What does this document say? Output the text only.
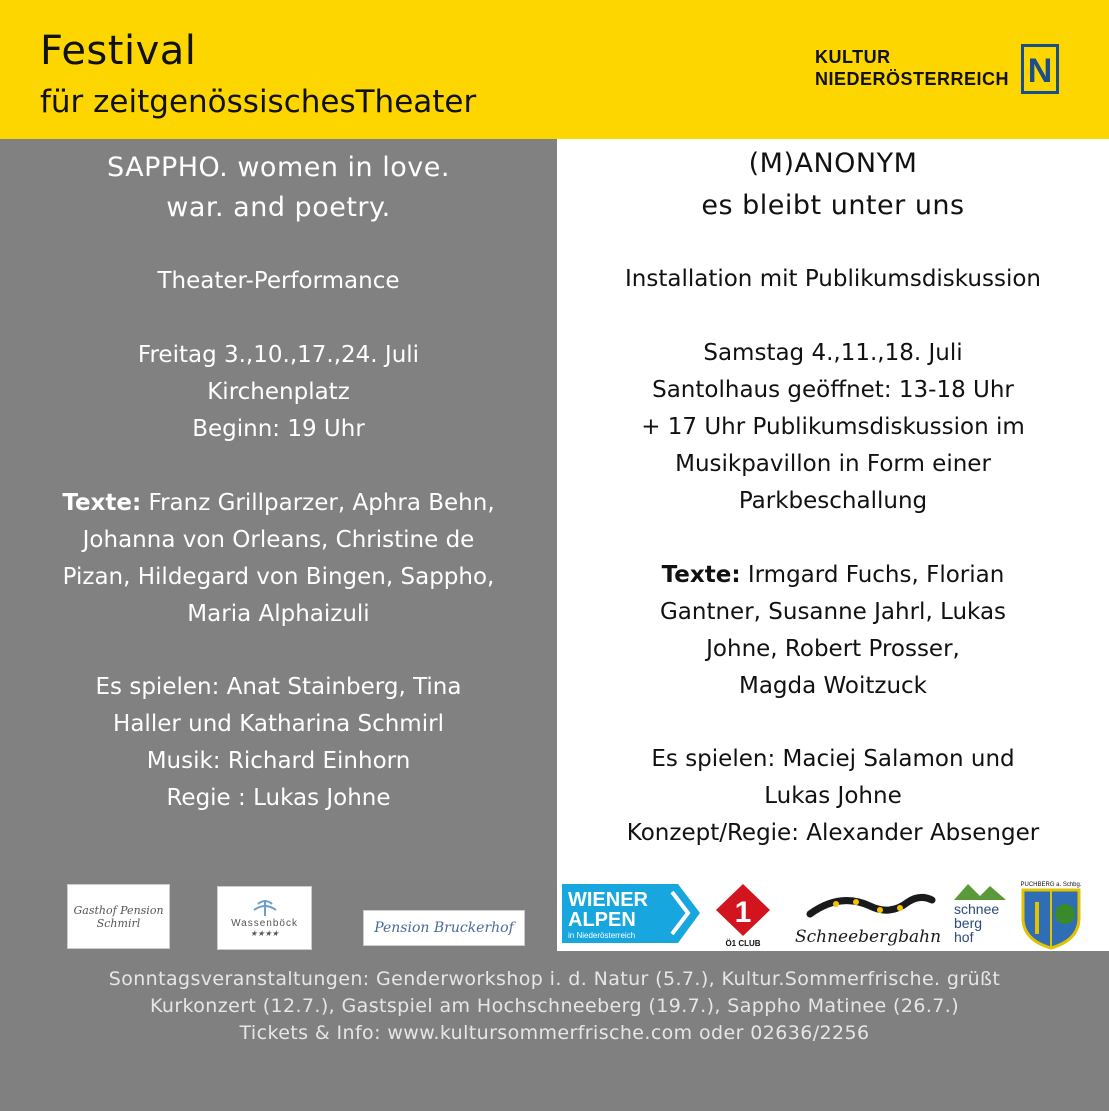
Festival
für zeitgenössischesTheater
KULTUR
NIEDERÖSTERREICH N
SAPPHO. women in love.
war. and poetry.
Theater-Performance
Freitag 3.,10.,17.,24. Juli
Kirchenplatz
Beginn: 19 Uhr
Texte: Franz Grillparzer, Aphra Behn,
Johanna von Orleans, Christine de
Pizan, Hildegard von Bingen, Sappho,
Maria Alphaizuli
Es spielen: Anat Stainberg, Tina
Haller und Katharina Schmirl
Musik: Richard Einhorn
Regie : Lukas Johne
(M)ANONYM
es bleibt unter uns
Installation mit Publikumsdiskussion
Samstag 4.,11.,18. Juli
Santolhaus geöffnet: 13-18 Uhr
+ 17 Uhr Publikumsdiskussion im
Musikpavillon in Form einer
Parkbeschallung
Texte: Irmgard Fuchs, Florian
Gantner, Susanne Jahrl, Lukas
Johne, Robert Prosser,
Magda Woitzuck
Es spielen: Maciej Salamon und
Lukas Johne
Konzept/Regie: Alexander Absenger
Gasthof Pension Schmirl	Wassenböck
★★★★	Pension Bruckerhof
WIENER
ALPEN
in Niederösterreich
1
Ö1 CLUB Schneebergbahn
schnee
berg
hof
PUCHBERG a. Schbg.
Sonntagsveranstaltungen: Genderworkshop i. d. Natur (5.7.), Kultur.Sommerfrische. grüßt
Kurkonzert (12.7.), Gastspiel am Hochschneeberg (19.7.), Sappho Matinee (26.7.)
Tickets & Info: www.kultursommerfrische.com oder 02636/2256
